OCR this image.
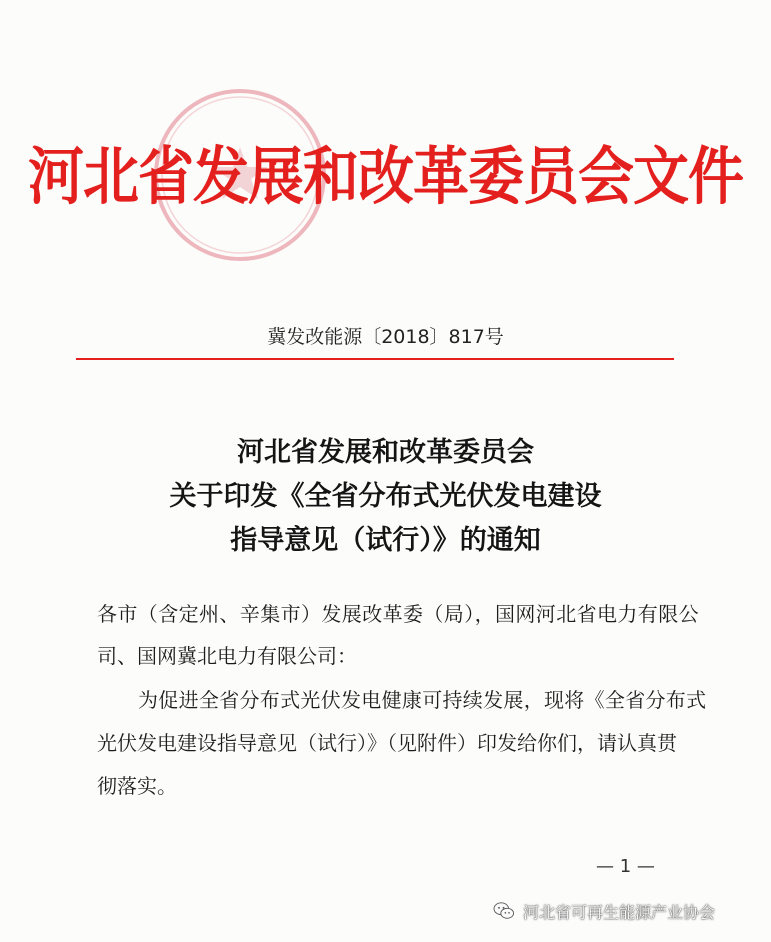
河北省发展和改革委员会文件
冀发改能源〔2018〕817号
河北省发展和改革委员会
关于印发《全省分布式光伏发电建设
指导意见（试行）》的通知
各市（含定州、辛集市）发展改革委（局），国网河北省电力有限公
司、国网冀北电力有限公司：
为促进全省分布式光伏发电健康可持续发展，现将《全省分布式
光伏发电建设指导意见（试行）》（见附件）印发给你们，请认真贯
彻落实。
— 1 —
河北省可再生能源产业协会
